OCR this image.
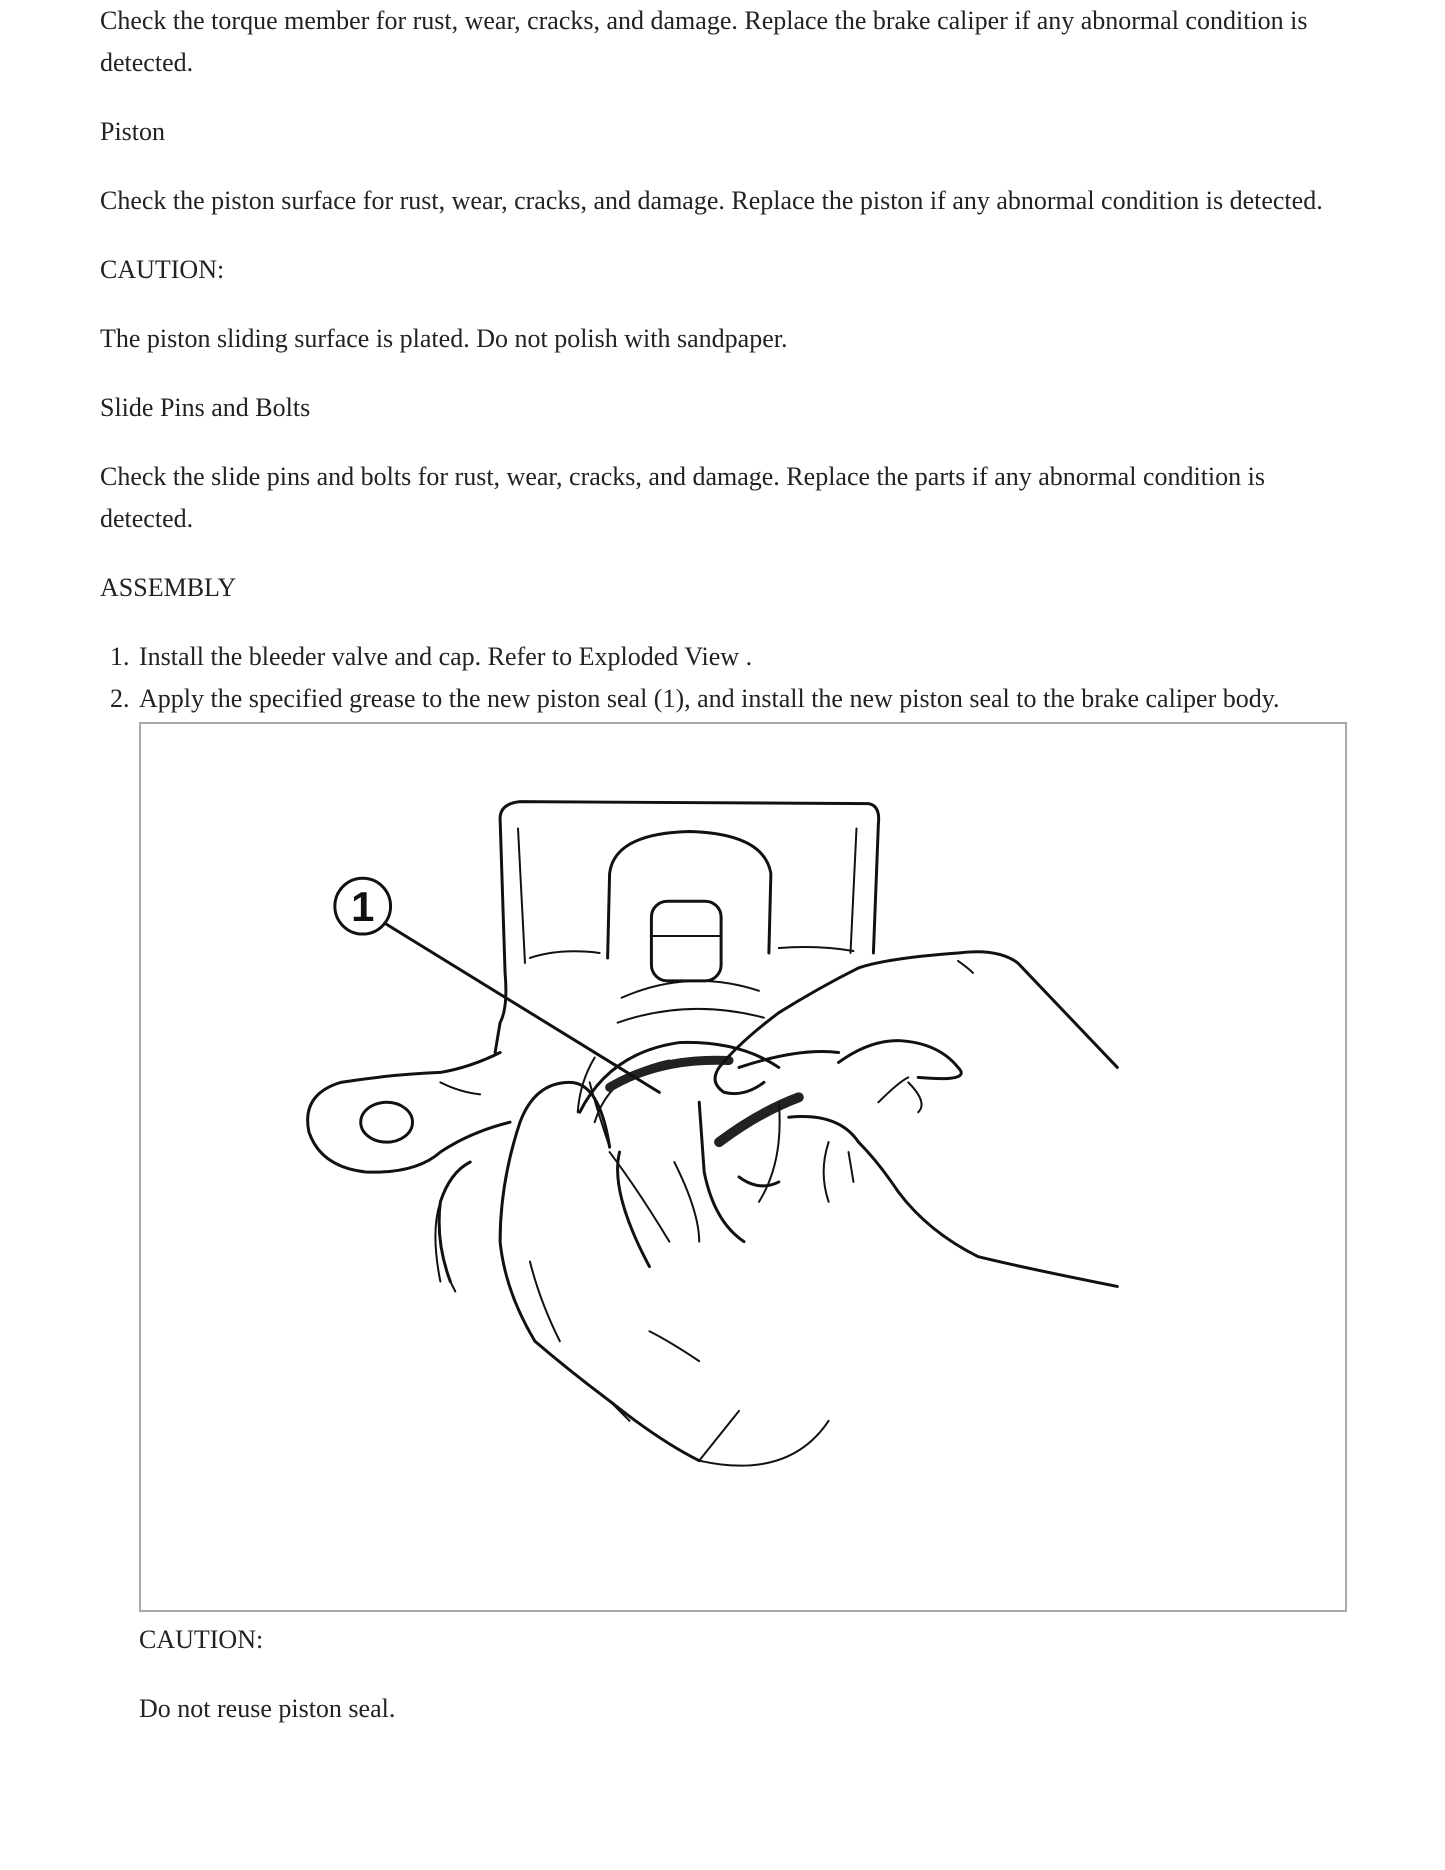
Check the torque member for rust, wear, cracks, and damage. Replace the brake caliper if any abnormal condition is detected.

Piston

Check the piston surface for rust, wear, cracks, and damage. Replace the piston if any abnormal condition is detected.

CAUTION:

The piston sliding surface is plated. Do not polish with sandpaper.

Slide Pins and Bolts

Check the slide pins and bolts for rust, wear, cracks, and damage. Replace the parts if any abnormal condition is detected.

ASSEMBLY

1. Install the bleeder valve and cap. Refer to Exploded View .
2. Apply the specified grease to the new piston seal (1), and install the new piston seal to the brake caliper body.
1

CAUTION:

Do not reuse piston seal.
